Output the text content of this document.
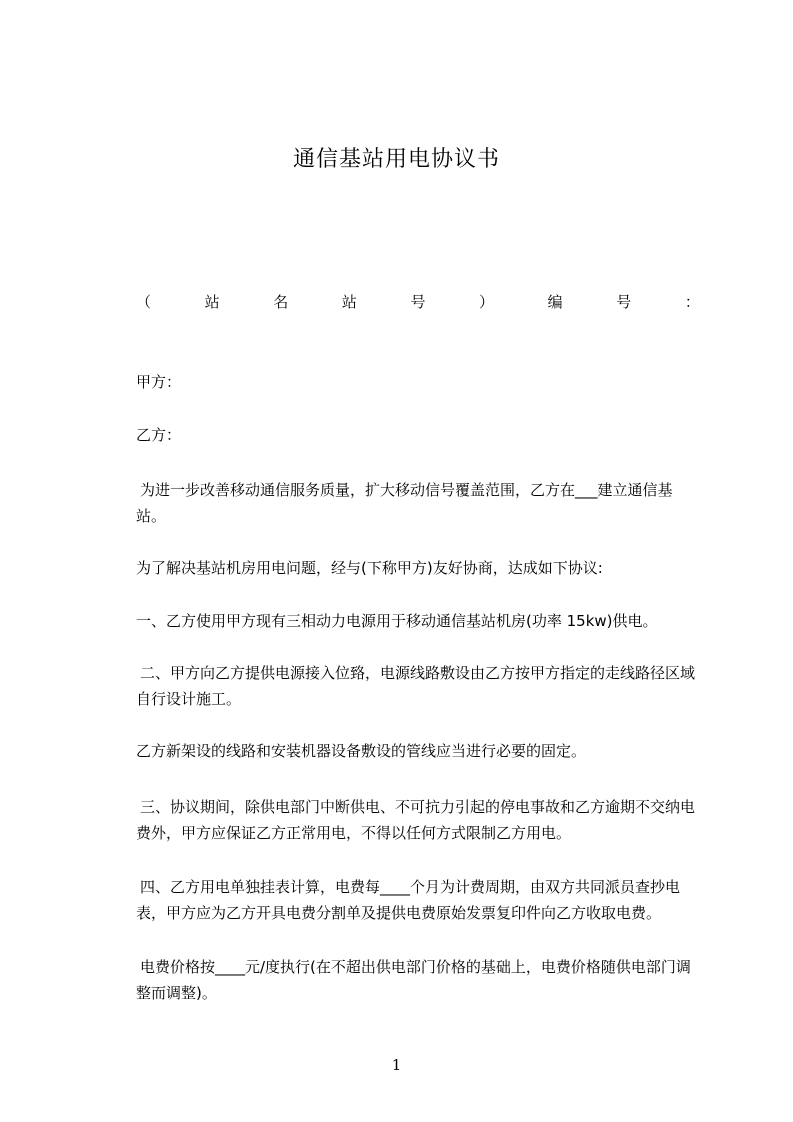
通信基站用电协议书
（	站	名	站	号	）	编	号	：

甲方：

乙方：

为进一步改善移动通信服务质量，扩大移动信号覆盖范围，乙方在___建立通信基站。

为了解决基站机房用电问题，经与(下称甲方)友好协商，达成如下协议:

一、乙方使用甲方现有三相动力电源用于移动通信基站机房(功率 15kw)供电。

二、甲方向乙方提供电源接入位臵，电源线路敷设由乙方按甲方指定的走线路径区域自行设计施工。

乙方新架设的线路和安装机器设备敷设的管线应当进行必要的固定。

三、协议期间，除供电部门中断供电、不可抗力引起的停电事故和乙方逾期不交纳电费外，甲方应保证乙方正常用电，不得以任何方式限制乙方用电。

四、乙方用电单独挂表计算，电费每____个月为计费周期，由双方共同派员查抄电表，甲方应为乙方开具电费分割单及提供电费原始发票复印件向乙方收取电费。

电费价格按____元/度执行(在不超出供电部门价格的基础上，电费价格随供电部门调整而调整)。

1
